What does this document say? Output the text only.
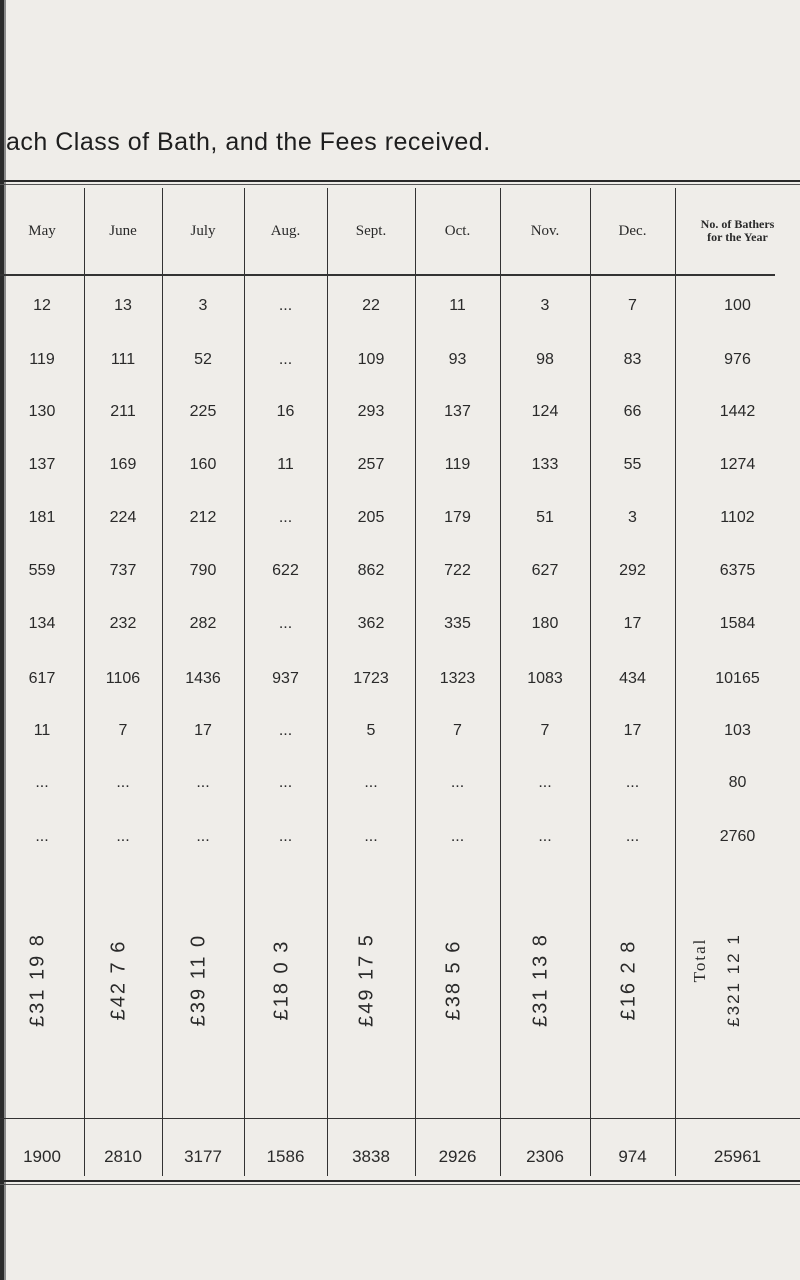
ach Class of Bath, and the Fees received.
May	June	July	Aug.	Sept.	Oct.	Nov.	Dec.	No. of Bathers for the Year
12	13	3	...	22	11	3	7	100
119	111	52	...	109	93	98	83	976
130	211	225	16	293	137	124	66	1442
137	169	160	11	257	119	133	55	1274
181	224	212	...	205	179	51	3	1102
559	737	790	622	862	722	627	292	6375
134	232	282	...	362	335	180	17	1584
617	1106	1436	937	1723	1323	1083	434	10165
11	7	17	...	5	7	7	17	103
...	...	...	...	...	...	...	...	80
...	...	...	...	...	...	...	...	2760
£31 19 8	£42 7 6	£39 11 0	£18 0 3	£49 17 5	£38 5 6	£31 13 8	£16 2 8	£321 12 1
Total
1900	2810	3177	1586	3838	2926	2306	974	25961
